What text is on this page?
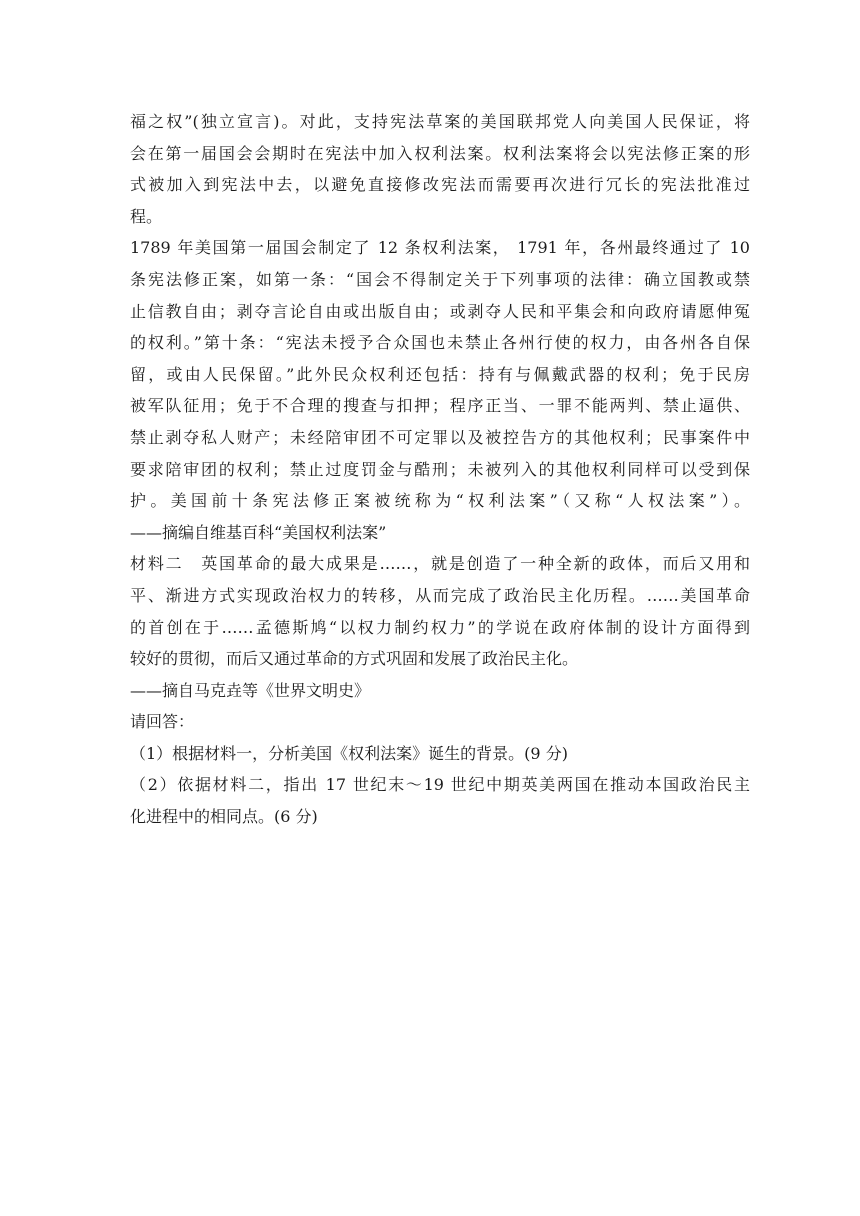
福之权”(独立宣言)。对此，支持宪法草案的美国联邦党人向美国人民保证，将
会在第一届国会会期时在宪法中加入权利法案。权利法案将会以宪法修正案的形
式被加入到宪法中去，以避免直接修改宪法而需要再次进行冗长的宪法批准过
程。
1789 年美国第一届国会制定了 12 条权利法案， 1791 年，各州最终通过了 10
条宪法修正案，如第一条：“国会不得制定关于下列事项的法律：确立国教或禁
止信教自由；剥夺言论自由或出版自由；或剥夺人民和平集会和向政府请愿伸冤
的权利。”第十条：“宪法未授予合众国也未禁止各州行使的权力，由各州各自保
留，或由人民保留。”此外民众权利还包括：持有与佩戴武器的权利；免于民房
被军队征用；免于不合理的搜查与扣押；程序正当、一罪不能两判、禁止逼供、
禁止剥夺私人财产；未经陪审团不可定罪以及被控告方的其他权利；民事案件中
要求陪审团的权利；禁止过度罚金与酷刑；未被列入的其他权利同样可以受到保
护。美国前十条宪法修正案被统称为“权利法案”（又称“人权法案”）。
——摘编自维基百科“美国权利法案”
材料二　英国革命的最大成果是……，就是创造了一种全新的政体，而后又用和
平、渐进方式实现政治权力的转移，从而完成了政治民主化历程。……美国革命
的首创在于……孟德斯鸠“以权力制约权力”的学说在政府体制的设计方面得到
较好的贯彻，而后又通过革命的方式巩固和发展了政治民主化。
——摘自马克垚等《世界文明史》
请回答：
（1）根据材料一，分析美国《权利法案》诞生的背景。(9 分)
（2）依据材料二，指出 17 世纪末～19 世纪中期英美两国在推动本国政治民主
化进程中的相同点。(6 分)
